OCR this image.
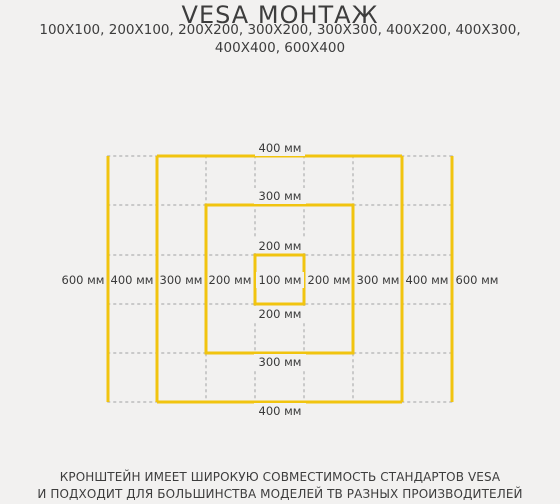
VESA МОНТАЖ
100X100, 200X100, 200X200, 300X200, 300X300, 400X200, 400X300,
400X400, 600X400
400 мм
300 мм
200 мм
100 мм
200 мм
300 мм
400 мм
600 мм 400 мм 300 мм 200 мм	200 мм 300 мм 400 мм 600 мм
КРОНШТЕЙН ИМЕЕТ ШИРОКУЮ СОВМЕСТИМОСТЬ СТАНДАРТОВ VESA
И ПОДХОДИТ ДЛЯ БОЛЬШИНСТВА МОДЕЛЕЙ ТВ РАЗНЫХ ПРОИЗВОДИТЕЛЕЙ
